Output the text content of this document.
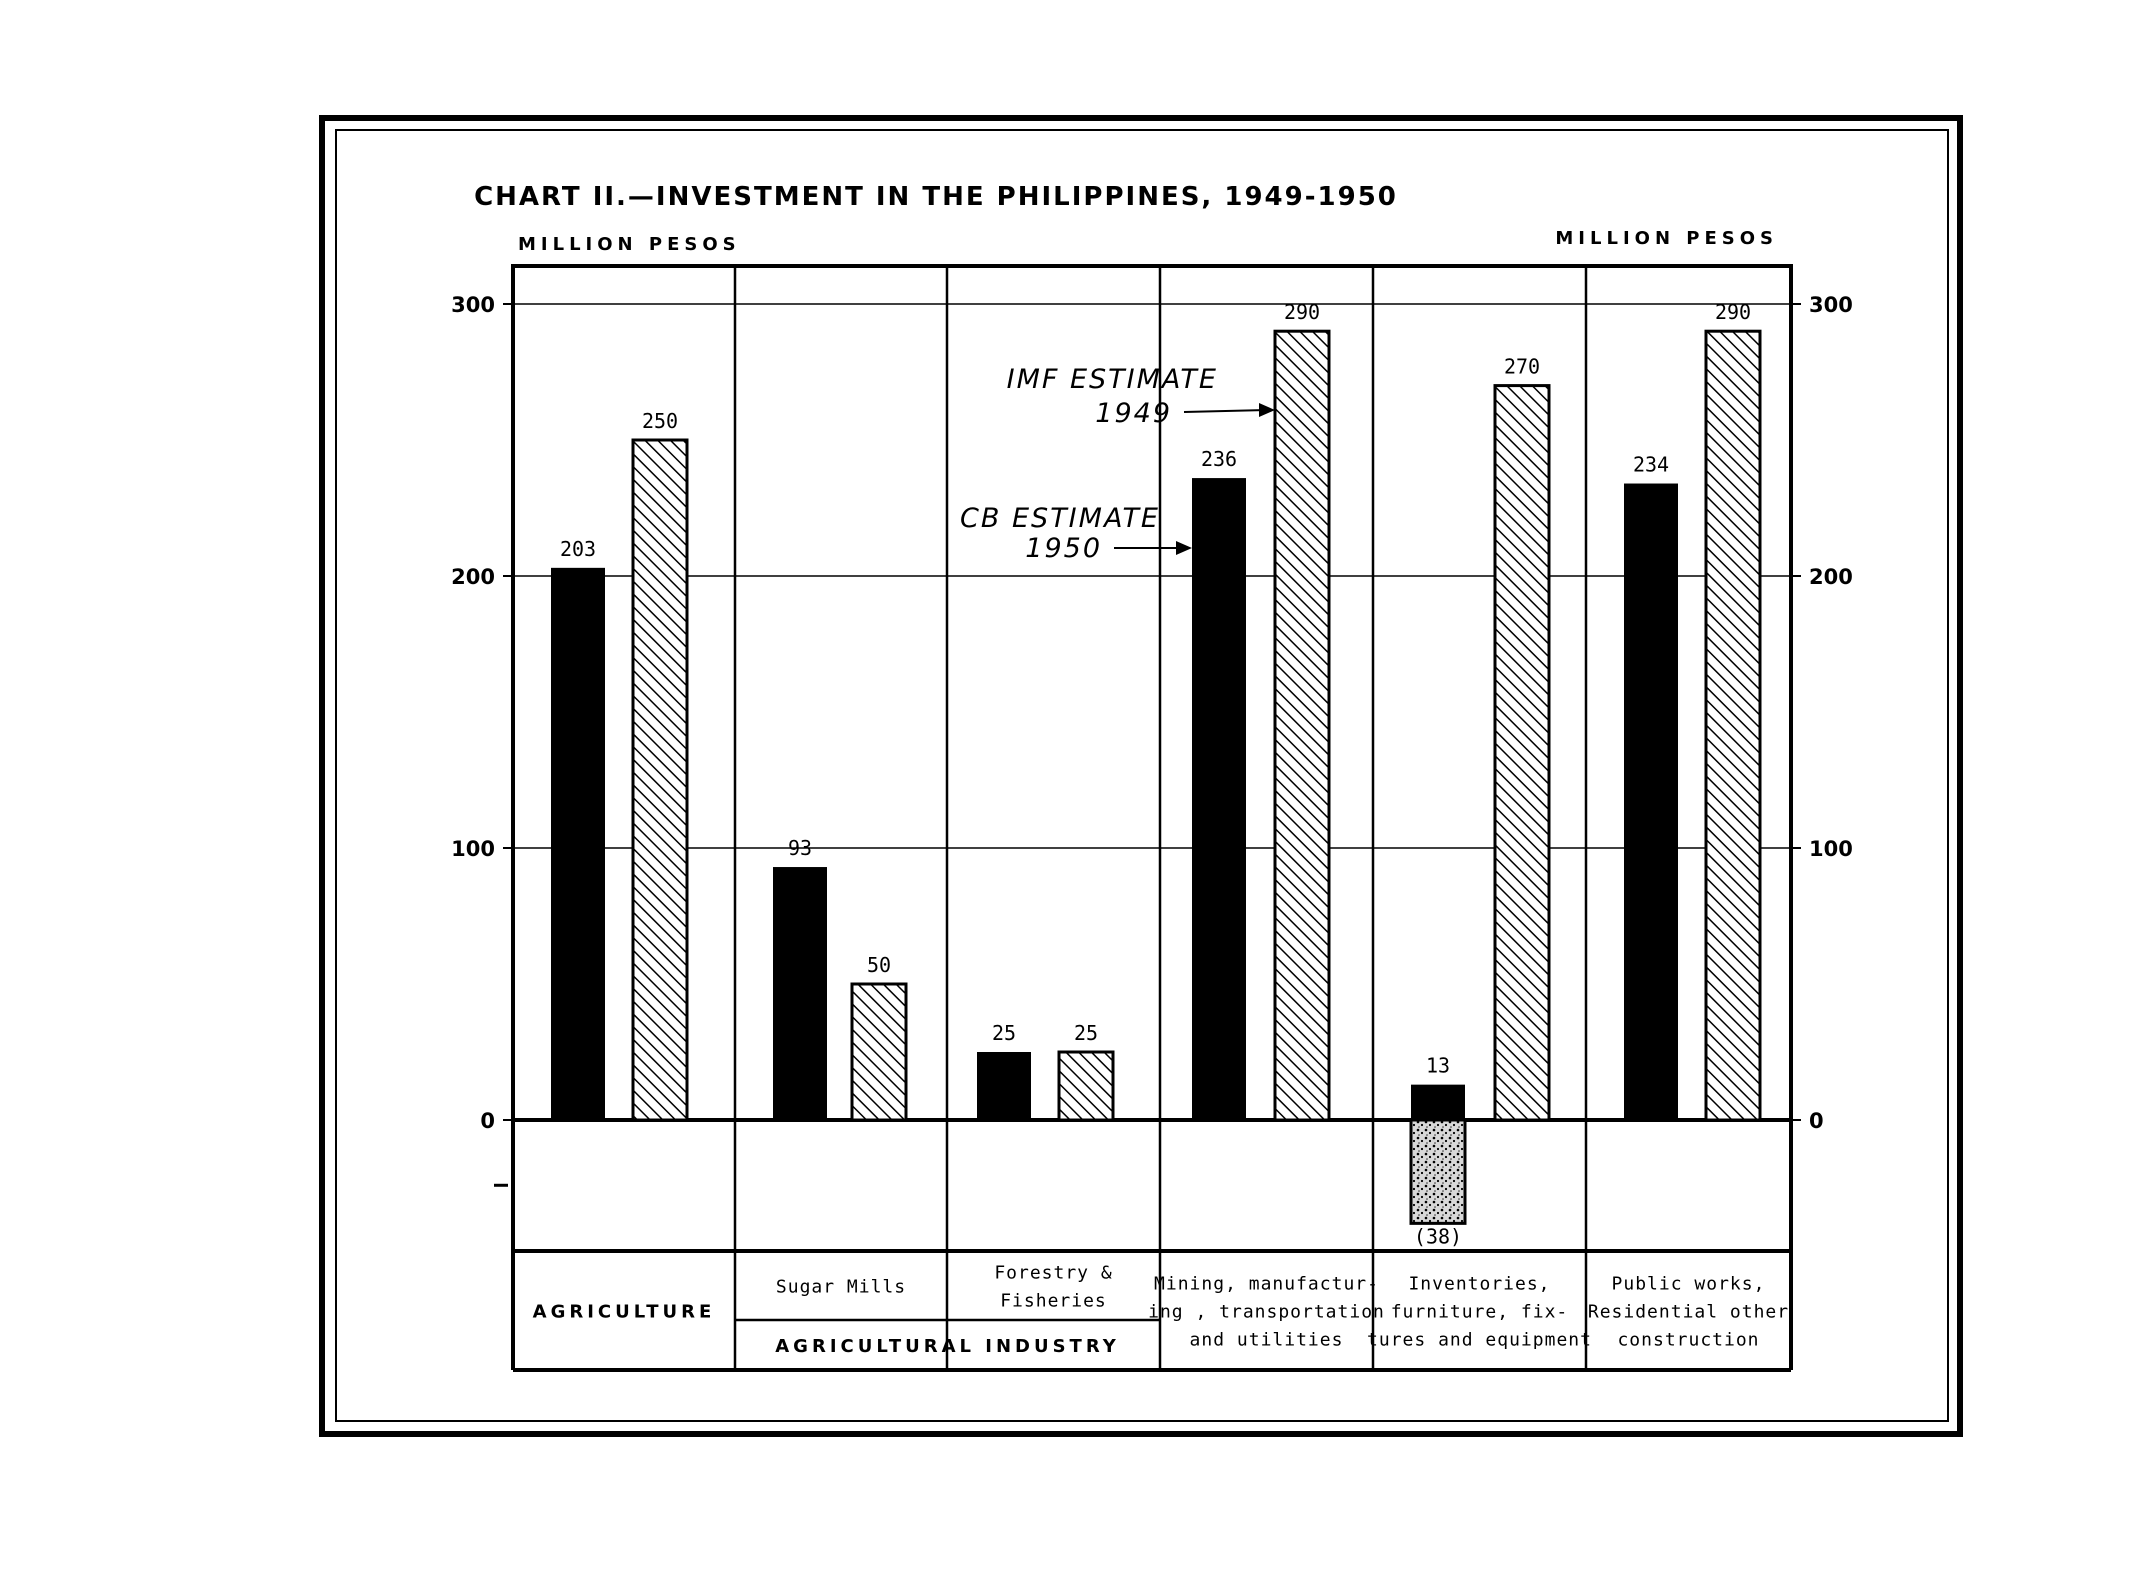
CHART II.—INVESTMENT IN THE PHILIPPINES, 1949-1950
MILLION PESOS	MILLION PESOS
203
250
93
50
25	25
236
290
13
270
234
290
(38)
0	0
100	100
200	200
300	300
IMF ESTIMATE
1949
CB ESTIMATE
1950
AGRICULTURE
Sugar Mills
Forestry &
Fisheries
Mining, manufactur-
ing , transportation
and utilities
Inventories,
furniture, fix-
tures and equipment
Public works,
Residential other
construction
AGRICULTURAL INDUSTRY
